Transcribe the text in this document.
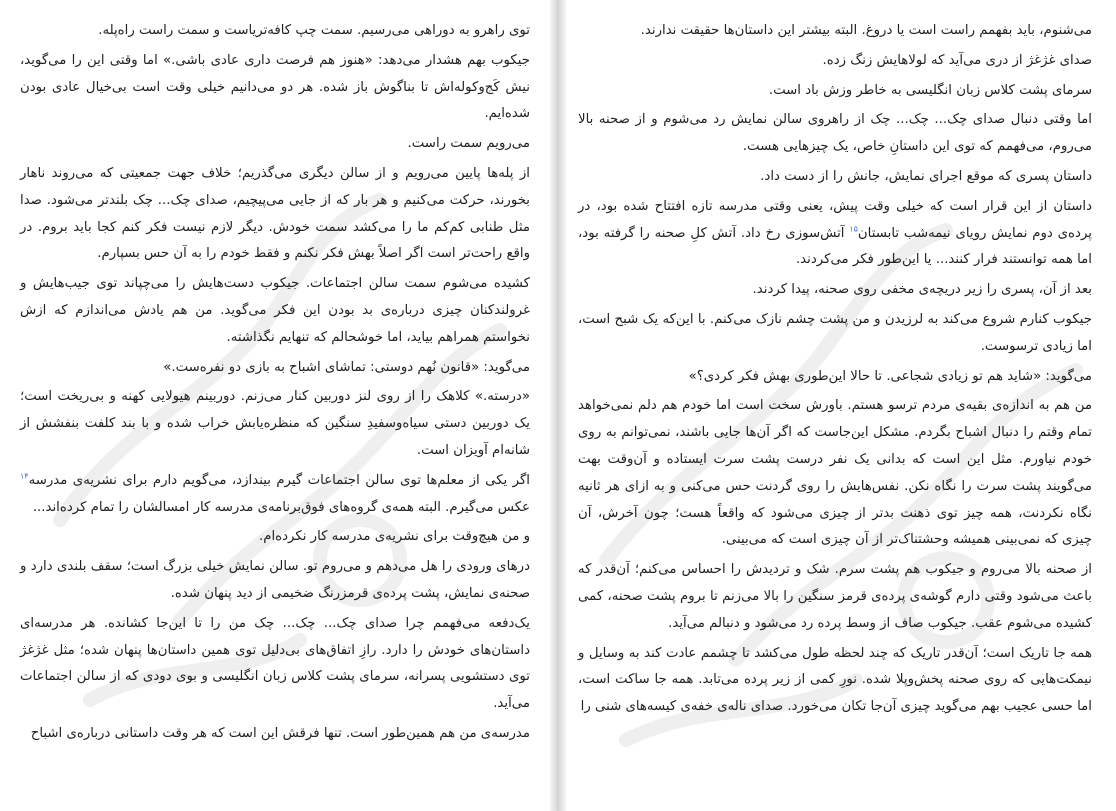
توی راهرو به دوراهی می‌رسیم. سمت چپ کافه‌تریاست و سمت راست راه‌پله.

جیکوب بهم هشدار می‌دهد: «هنوز هم فرصت داری عادی باشی.» اما وقتی این را می‌گوید، نیش کَج‌وکوله‌اش تا بناگوش باز شده. هر دو می‌دانیم خیلی وقت است بی‌خیال عادی بودن شده‌ایم.

می‌رویم سمت راست.

از پله‌ها پایین می‌رویم و از سالن دیگری می‌گذریم؛ خلاف جهت جمعیتی که می‌روند ناهار بخورند، حرکت می‌کنیم و هر بار که از جایی می‌پیچیم، صدای چک... چک بلندتر می‌شود. صدا مثل طنابی کم‌کم ما را می‌کشد سمت خودش. دیگر لازم نیست فکر کنم کجا باید بروم. در واقع راحت‌تر است اگر اصلاً بهش فکر نکنم و فقط خودم را به آن حس بسپارم.

کشیده می‌شوم سمت سالن اجتماعات. جیکوب دست‌هایش را می‌چپاند توی جیب‌هایش و غرولندکنان چیزی درباره‌ی بد بودن این فکر می‌گوید. من هم یادش می‌اندازم که ازش نخواستم همراهم بیاید، اما خوشحالم که تنهایم نگذاشته.

می‌گوید: «قانون نُهم دوستی: تماشای اشباح به بازی دو نفره‌ست.»

«درسته.» کلاهک را از روی لنز دوربین کنار می‌زنم. دوربینم هیولایی کهنه و بی‌ریخت است؛ یک دوربین دستی سیاه‌وسفیدِ سنگین که منظره‌یابش خراب شده و با بند کلفت بنفشش از شانه‌ام آویزان است.

اگر یکی از معلم‌ها توی سالن اجتماعات گیرم بیندازد، می‌گویم دارم برای نشریه‌ی مدرسه$^{۱۴}$ عکس می‌گیرم. البته همه‌ی گروه‌های فوق‌برنامه‌ی مدرسه کار امسالشان را تمام کرده‌اند...

و من هیچ‌وقت برای نشریه‌ی مدرسه کار نکرده‌ام.

درهای ورودی را هل می‌دهم و می‌روم تو. سالن نمایش خیلی بزرگ است؛ سقف بلندی دارد و صحنه‌ی نمایش، پشت پرده‌ی قرمزرنگ ضخیمی از دید پنهان شده.

یک‌دفعه می‌فهمم چرا صدای چک... چک... چک من را تا این‌جا کشانده. هر مدرسه‌ای داستان‌های خودش را دارد. رازِ اتفاق‌های بی‌دلیل توی همین داستان‌ها پنهان شده؛ مثل غژغژ توی دستشویی پسرانه، سرمای پشت کلاس زبان انگلیسی و بوی دودی که از سالن اجتماعات می‌آید.

مدرسه‌ی من هم همین‌طور است. تنها فرقش این است که هر وقت داستانی درباره‌ی اشباح

می‌شنوم، باید بفهمم راست است یا دروغ. البته بیشتر این داستان‌ها حقیقت ندارند.

صدای غژغژ از دری می‌آید که لولاهایش زنگ زده.

سرمای پشت کلاس زبان انگلیسی به خاطر وزش باد است.

اما وقتی دنبال صدای چک... چک... چک از راهروی سالن نمایش رد می‌شوم و از صحنه بالا می‌روم، می‌فهمم که توی این داستانِ خاص، یک چیزهایی هست.

داستان پسری که موقع اجرای نمایش، جانش را از دست داد.

داستان از این قرار است که خیلی وقت پیش، یعنی وقتی مدرسه تازه افتتاح شده بود، در پرده‌ی دوم نمایش رویای نیمه‌شب تابستان$^{۱۵}$ آتش‌سوزی رخ داد. آتش کلِ صحنه را گرفته بود، اما همه توانستند فرار کنند... یا این‌طور فکر می‌کردند.

بعد از آن، پسری را زیر دریچه‌ی مخفی روی صحنه، پیدا کردند.

جیکوب کنارم شروع می‌کند به لرزیدن و من پشت چشم نازک می‌کنم. با این‌که یک شبح است، اما زیادی ترسوست.

می‌گوید: «شاید هم تو زیادی شجاعی. تا حالا این‌طوری بهش فکر کردی؟»

من هم به اندازه‌ی بقیه‌ی مردم ترسو هستم. باورش سخت است اما خودم هم دلم نمی‌خواهد تمام وقتم را دنبال اشباح بگردم. مشکل این‌جاست که اگر آن‌ها جایی باشند، نمی‌توانم به روی خودم نیاورم. مثل این است که بدانی یک نفر درست پشت سرت ایستاده و آن‌وقت بهت می‌گویند پشت سرت را نگاه نکن. نفس‌هایش را روی گردنت حس می‌کنی و به ازای هر ثانیه نگاه نکردنت، همه چیز توی ذهنت بدتر از چیزی می‌شود که واقعاً هست؛ چون آخرش، آن چیزی که نمی‌بینی همیشه وحشتناک‌تر از آن چیزی است که می‌بینی.

از صحنه بالا می‌روم و جیکوب هم پشت سرم. شک و تردیدش را احساس می‌کنم؛ آن‌قدر که باعث می‌شود وقتی دارم گوشه‌ی پرده‌ی قرمز سنگین را بالا می‌زنم تا بروم پشت صحنه، کمی کشیده می‌شوم عقب. جیکوب صاف از وسط پرده رد می‌شود و دنبالم می‌آید.

همه جا تاریک است؛ آن‌قدر تاریک که چند لحظه طول می‌کشد تا چشمم عادت کند به وسایل و نیمکت‌هایی که روی صحنه پخش‌وپلا شده. نورِ کمی از زیر پرده می‌تابد. همه جا ساکت است، اما حسی عجیب بهم می‌گوید چیزی آن‌جا تکان می‌خورد. صدای ناله‌ی خفه‌ی کیسه‌های شنی را
